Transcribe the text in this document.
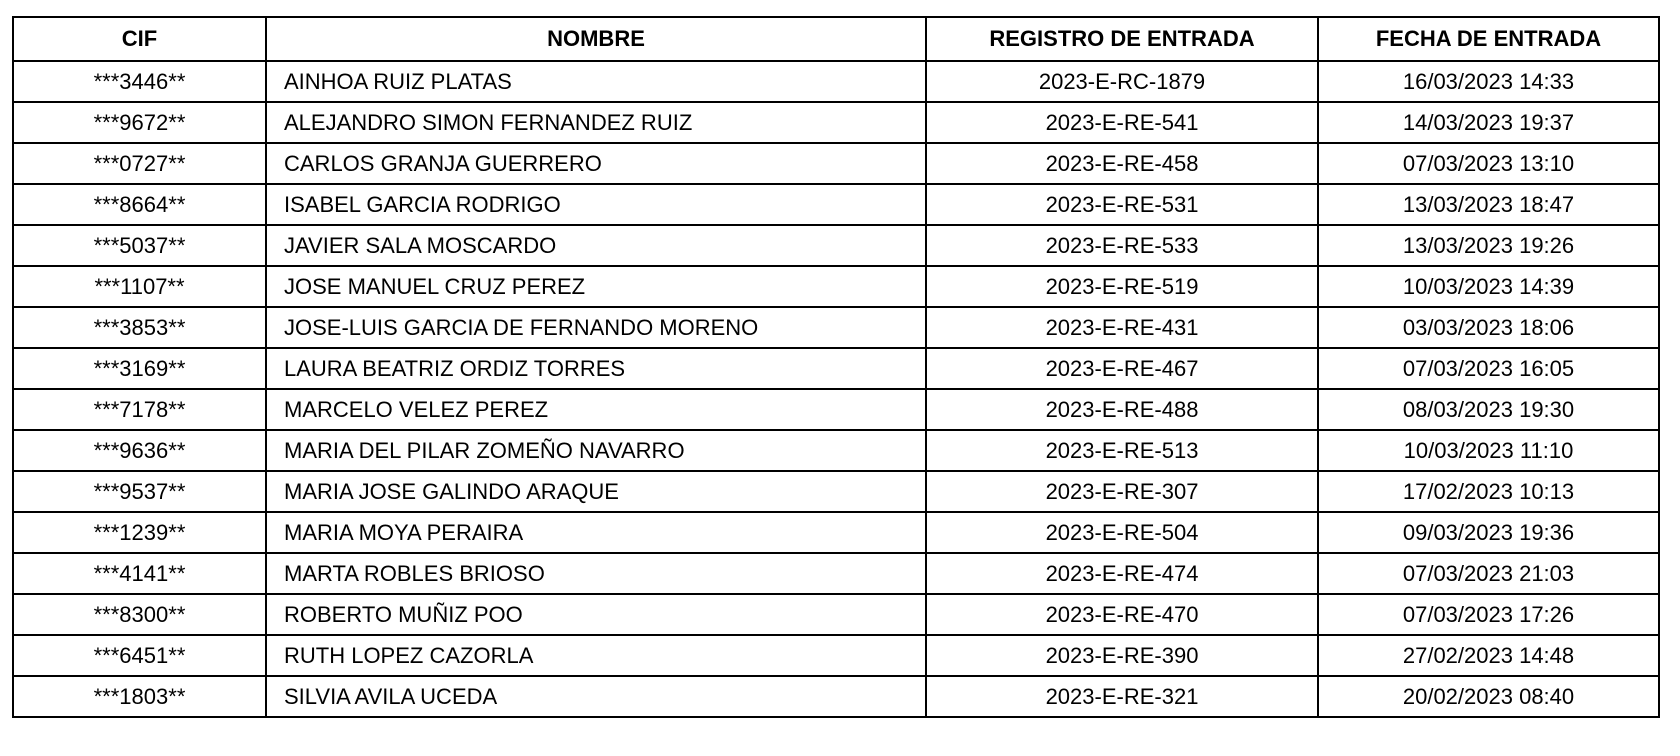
CIF	NOMBRE	REGISTRO DE ENTRADA	FECHA DE ENTRADA
***3446**	AINHOA RUIZ PLATAS	2023-E-RC-1879	16/03/2023 14:33
***9672**	ALEJANDRO SIMON FERNANDEZ RUIZ	2023-E-RE-541	14/03/2023 19:37
***0727**	CARLOS GRANJA GUERRERO	2023-E-RE-458	07/03/2023 13:10
***8664**	ISABEL GARCIA RODRIGO	2023-E-RE-531	13/03/2023 18:47
***5037**	JAVIER SALA MOSCARDO	2023-E-RE-533	13/03/2023 19:26
***1107**	JOSE MANUEL CRUZ PEREZ	2023-E-RE-519	10/03/2023 14:39
***3853**	JOSE-LUIS GARCIA DE FERNANDO MORENO	2023-E-RE-431	03/03/2023 18:06
***3169**	LAURA BEATRIZ ORDIZ TORRES	2023-E-RE-467	07/03/2023 16:05
***7178**	MARCELO VELEZ PEREZ	2023-E-RE-488	08/03/2023 19:30
***9636**	MARIA DEL PILAR ZOMEÑO NAVARRO	2023-E-RE-513	10/03/2023 11:10
***9537**	MARIA JOSE GALINDO ARAQUE	2023-E-RE-307	17/02/2023 10:13
***1239**	MARIA MOYA PERAIRA	2023-E-RE-504	09/03/2023 19:36
***4141**	MARTA ROBLES BRIOSO	2023-E-RE-474	07/03/2023 21:03
***8300**	ROBERTO MUÑIZ POO	2023-E-RE-470	07/03/2023 17:26
***6451**	RUTH LOPEZ CAZORLA	2023-E-RE-390	27/02/2023 14:48
***1803**	SILVIA AVILA UCEDA	2023-E-RE-321	20/02/2023 08:40
